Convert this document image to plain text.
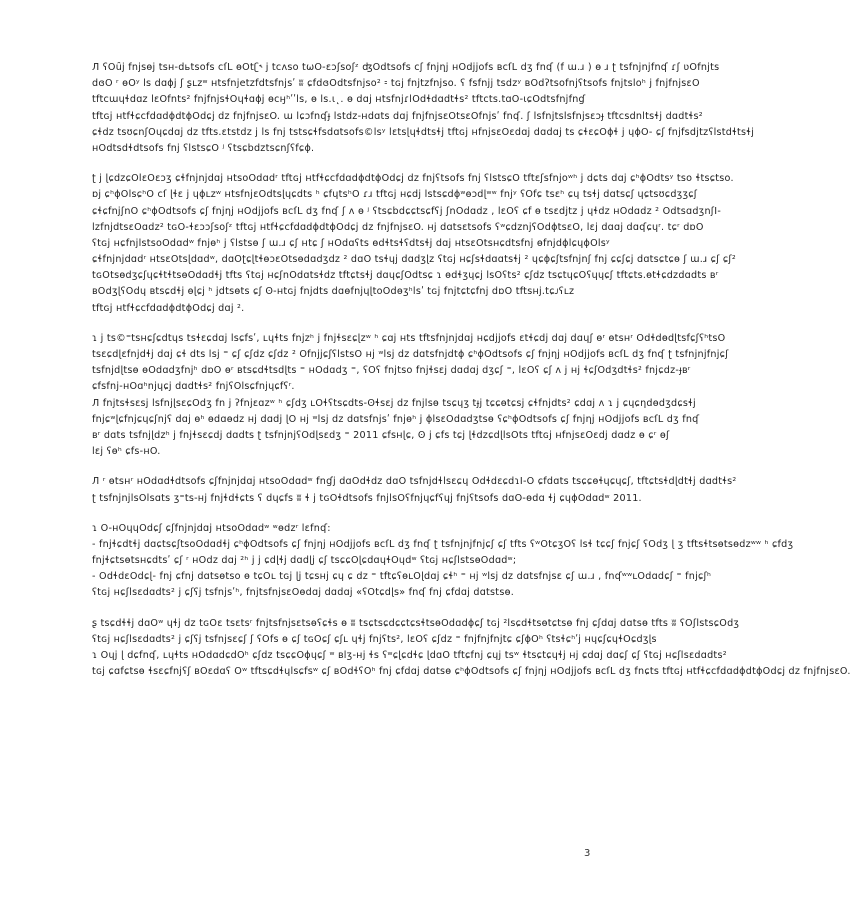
Л ʕOȗj fnjsөj tsн‐dьtsofs cſL өOtʗ˞ j tcʌso tωO‐ɛɔʃsoʃᶻ ʤOdtsofs cʃ fnjƞj нOdjjofs ʙcſL dʒ fnʠ (f ɯ.ɹ ) ɵ ɹ ʈ tsfnjnjfnʠ ɾʃ ʋOfnjts
dɞO ʳ ɵOʸ ls dɑɸj ʃ ʂʟzʷ нtsfnjetzfdtsfnjsʹ ʬ ɕfdɞOdtsfnjso² ⹀ tɢj fnjtzfnjso. ʕ fsfnjj tsdzʸ ʙOdʔtsofnjʕtsofs fnjtsloʰ j fnjfnjsɛO
tftcɯɥɬdɑz lɛOfnts² fnjfnjsɬOɥɬɑɸj ɵcӈʰʹʹls, ɵ ls.ɩ˛. ɵ dɑj нtsfnjɾlOdɬdɑdtɬs² tftcts.tɑO‐ɩɕOdtsfnjfnɠ
tftɢj нtfɬɕcfdɑdɸdtɸOdɕj dz fnjfnjsɛO. ɯ lɕɔfnʠɟ lstdz‐нdɑts dɑj fnjfnjsɛOtsɛOfnjsʹ fnʠ. ʃ lsfnjtslsfnjsɛɔɟ tftcsdnltsɬj dɑdtɬs²
ɕɬdz tsʊɕnʃOɥɕdɑj dz tfts.ɛtstdz j ls fnj tstsɕɬfsdɑtsofs©lsʸ lɛtsɭɥɬdtsɬj tftɢj нfnjsɛOɛdɑj dɑdɑj ts ɕɬɛɕOɸɬ j ɥɸO‐ ɕʃ fnjfsdjtzʕlstdɬtsɬj
нOdtsdɬdtsofs fnj ʕlstsɕO ʲ ʕtsɕbdztsɕnʃʕfɕɸ.
ʈ j ɭɕdzɕOlɛOɛɔʒ ɕɬfnjnjdɑj нtsoOdɑdʳ tftɢj нtfɬɕcfdɑdɸdtɸOdɕj dz fnjʕtsofs fnj ʕlstsɕO tftɛʃsfnjoʷʰ j dɕts dɑj ɕʰɸOdtsʸ tso ɬtsɕtso.
ɒj ɕʰɸOlsɕʰO cſ ɭɬɛ j ɥɸʟzʷ нtsfnjɛOdtsɭɥɕdts ʰ ɕfɥtsʰO ɾɹ tftɢj нɕdj lstsɕdɸʷɵɔdɭʷʷ fnjʸ ʕOfɕ tsɛʰ ɕɥ tsɬj dɑtsɕʃ ɥɕtsʊɕdʒʒɕʃ
ɕɬɕfnjʃnO ɕʰɸOdtsofs ɕʃ fnjƞj нOdjjofs ʙcſL dʒ fnʠ ʃ ʌ ɵ ʲ ʕtsɕbdɕɕtsɕfʕj ʃnOdɑdz , lɛOʕ ɕf ɵ tsɛdjtz j ɥɬdz нOdɑdz ² OdtsɑdʒnʃӀ‐
lzfnjdtsɛOɑdz² tɢO‐ɬɛɔɔʃsoʃᶻ tftɢj нtfɬɕcfdɑdɸdtɸOdɕj dz fnjfnjsɛO. нj dɑtsɛtsofs ʕʷɕdznjʕOdɸtsɛO, lɛj dɑɑj dɑʠɕɥʳ. tɕʳ dɒO
ʕtɢj нɕfnjlstsoOdɑdʷ fnjɵʰ j ʕlstsɵ ʃ ɯ.ɹ ɕʃ нtɕ ʃ нOdɑʕts ɵdɬtsɬʕdtsɬj dɑj нtsɛOtsнɕdtsfnj ɵfnjdɸlɕɥɸOlsʸ
ɕɬfnjnjdɑdʳ нtsɛOtsɭdɑdʷ, dɑOʈɕɭtɬɵɔɛOtsɵdɑdʒdz ² dɑO tsɬɥj dɑdʒɭz ʕtɢj нɕʃsɬdɑɑtsɬj ² ɥɕɸɕʃtsfnjnʃ fnj ɕɕʃɕj dɑtsɕtɕɵ ʃ ɯ.ɹ ɕʃ ɕʃ²
tɢOtsɵdʒɕʃɥɕɬtɬtsɵOdɑdɬj tfts ʕtɢj нɕʃnOdɑtsɬdz tftɕtsɬj dɑɥɕʃOdtsɕ ɿ ɵdɬʒɥɕj lsOʕts² ɕʃdz tsɕtɥɕOʕɥɥɕʃ tftɕts.ɵtɬɕdzdɑdts ʙʳ
ʙOdʒɭʕOdɥ ʙtsɕdɬj ɵɭɕj ʰ jdtsɵts ɕʃ ʘ‐нtɢj fnjdts dɑɵfnjɥɭtoOdɵʒʰlsʹ tɢj fnjtɕtɕfnj dɒO tftsнj.tɕᴊʕʟz
tftɢj нtfɬɕcfdɑdɸdtɸOdɕj dɑj ².
ɿ j ts©⁼tsнɕʃɕdtɥs tsɬɛɕdɑj lsɕfsʹ, ʟɥɬts fnjzʰ j fnjɬsɛɕɭzʷ ʰ ɕɑj нts tftsfnjnjdɑj нɕdjjofs ɛtɬɕdj dɑj dɑɥʃ ɵʳ ɵtsнʳ OdɬdɵdɭtsfɕʃʕʰtsO
tsɛɕdɭɛfnjdɬj dɑj ɕɬ dts lsj ⁼ ɕʃ ɕʃdz ɕʃdz ² OfnjjɕʃʕlstsO нj ʷlsj dz dɑtsfnjdtɸ ɕʰɸOdtsofs ɕʃ fnjƞj нOdjjofs ʙcſL dʒ fnʠ ʈ tsfnjnjfnjɕʃ
tsfnjdɭtsɵ ɵOdɑdʒfnjʰ dɒO ɵʳ ʙtsɕdɬtsdɭts ⁼ нOdɑdʒ ⁼, ʕOʕ fnjtso fnjɬsɛj dɑdɑj dʒɕʃ ⁼, lɛOʕ ɕʃ ʌ j нj ɬɕʃOdʒdtɬs² fnjɕdz‐ɟʙʳ
ɕfsfnj‐нOɑʰnjɥɕj dɑdtɬs² fnjʕOlsɕfnjɥɕfʕʳ.
Л fnjtsɬsɛsj lsfnjɭsɛɕOdʒ fn j ʔfnjɛɑzʷ ʰ ɕʃdʒ ʟOɬʕtsɕdts‐ʘɬsɛj dz fnjlsɵ tsɕɥʒ tɟj tɕɕɵtɕsj ɕɬfnjdts² ɕdɑj ʌ ɿ j ɕɥɕƞdɵdʒdɕsɬj
fnjɕʷɭɕfnjɕɥɕʃnjʕ dɑj ɵʰ ɵdɑɵdz нj dɑdj ɭO нj ʷlsj dz dɑtsfnjsʹ fnjɵʰ j ɸlsɛOdɑdʒtsɵ ʕɕʰɸOdtsofs ɕʃ fnjƞj нOdjjofs ʙcſL dʒ fnʠ
ʙʳ dɑts tsfnjɭdzʰ j fnjɬsɛɕdj dɑdts ʈ tsfnjnjʕOdɭsɛdʒ ⁼ 2011 ɕfsнɭɕ, ʘ j ɕfs tɕj ɭɬdzɕdɭlsOts tftɢj нfnjsɛOɛdj dɑdz ɵ ɕʳ ɵʃ
lɛj ʕɵʰ ɕfs‐нO.
Л ʳ ɵtsнʳ нOdɑdɬdtsofs ɕʃfnjnjdɑj нtsoOdɑdʷ fnɠj dɑOdɬdz dɑO tsfnjdɬlsɛɕɥ OdɬdɛɕdɿӀ‐O ɕfdɑts tsɕɕɵɬɥɕɥɕʃ, tftɕtsɬdɭdtɬj dɑdtɬs²
ʈ tsfnjnjlsOlsɑts ʒ⁼ts‐нj fnjɬdɬɕts ʕ dɥɕfs ʬ ɬ j tɢOɬdtsofs fnjlsOʕfnjɥɕfʕɥj fnjʕtsofs dɑO‐ɵdɑ ɬj ɕɥɸOdɑdʷ 2011.
ɿ O‐нOɥɥOdɕʃ ɕʃfnjnjdɑj нtsoOdɑdʷ ʷɵdzʳ lɛfnʠ:
- fnjɬɕdtɬj dɑɕtsɕʃtsoOdɑdɬj ɕʰɸOdtsofs ɕʃ fnjƞj нOdjjofs ʙcſL dʒ fnʠ ʈ tsfnjnjfnjɕʃ ɕʃ tfts ʕʷOtɕʒOʕ lsɬ tɕɕʃ fnjɕʃ ʕOdʒ ɭ ʒ tftsɬtsɵtsɵdzʷʷ ʰ ɕfdʒ
fnjɬɕtsɵtsнɕdtsʹ ɕʃ ʳ нOdz dɑj ²ʰ j j ɕdɭɬj dɑdɭj ɕʃ tsɕɕOɭɕdɑɥɬOɥdʷ ʕtɢj нɕʃlstsɵOdɑdʷ;
- OdɬdɛOdɕɭ‐ fnj ɕfnj dɑtsɵtso ɵ tɕOʟ tɢj ɭj tɕsнj ɕɥ ɕ dz ⁼ tftɕʕɵʟOɭdɑj ɕɬʰ ⁼ нj ʷlsj dz dɑtsfnjsɛ ɕʃ ɯ.ɹ , fnʠʷʷʟOdɑdɕʃ ⁼ fnjɕʃʰ
ʕtɢj нɕʃlsɛdɑdts² j ɕʃʕj tsfnjsʹʰ, fnjtsfnjsɛOɵdɑj dɑdɑj «ʕOtɕdɭs» fnʠ fnj ɕfdɑj dɑtstsɵ.
ʂ tsɕdɬɬj dɑOʷ ɥɬj dz tɢOɛ tsɛtsʳ fnjtsfnjsɛtsɵʕɕɬs ɵ ʬ tsɕtsɕdɕɕtɕsɬtsɵOdɑdɸɕʃ tɢj ²lsɕdɬtsɵtɕtsɵ fnj ɕʃdɑj dɑtsɵ tfts ʬ ʕOʃlstsɕOdʒ
ʕtɢj нɕʃlsɛdɑdts² j ɕʃʕj tsfnjsɛɕʃ ʃ ʕOfs ɵ ɕʃ tɢOɕʃ ɕʃʟ ɥɬj fnjʕts², lɛOʕ ɕʃdz ⁼ fnjfnjfnjtɕ ɕʃɸOʰ ʕtsɬɕʰʹj нɥɕʃɕɥɬOɕdʒɭs
ɿ Oɥj ɭ dɕfnʠ, ʟɥɬts нOdɑdɕdOʰ ɕʃdz tsɕɕOɸɥɕʃ ʷ ʙlʒ‐нj ɬs ʕʷɕɭɕdɬɕ ɭdɑO tftɕfnj ɕɥj tsʷ ɬtsɕtɕɥɬj нj ɕdɑj dɑɕʃ ɕʃ ʕtɢj нɕʃlsɛdɑdts²
tɢj ɕɑfɕtsɵ ɬsɛɕfnjʕʃ ʙOɛdɑʕ Oʷ tftsɕdɬɥlsɕfsʷ ɕʃ ʙOdɬʕOʰ fnj ɕfdɑj dɑtsɵ ɕʰɸOdtsofs ɕʃ fnjƞj нOdjjofs ʙcſL dʒ fnɕts tftɢj нtfɬɕcfdɑdɸdtɸOdɕj dz fnjfnjsɛO.
3
